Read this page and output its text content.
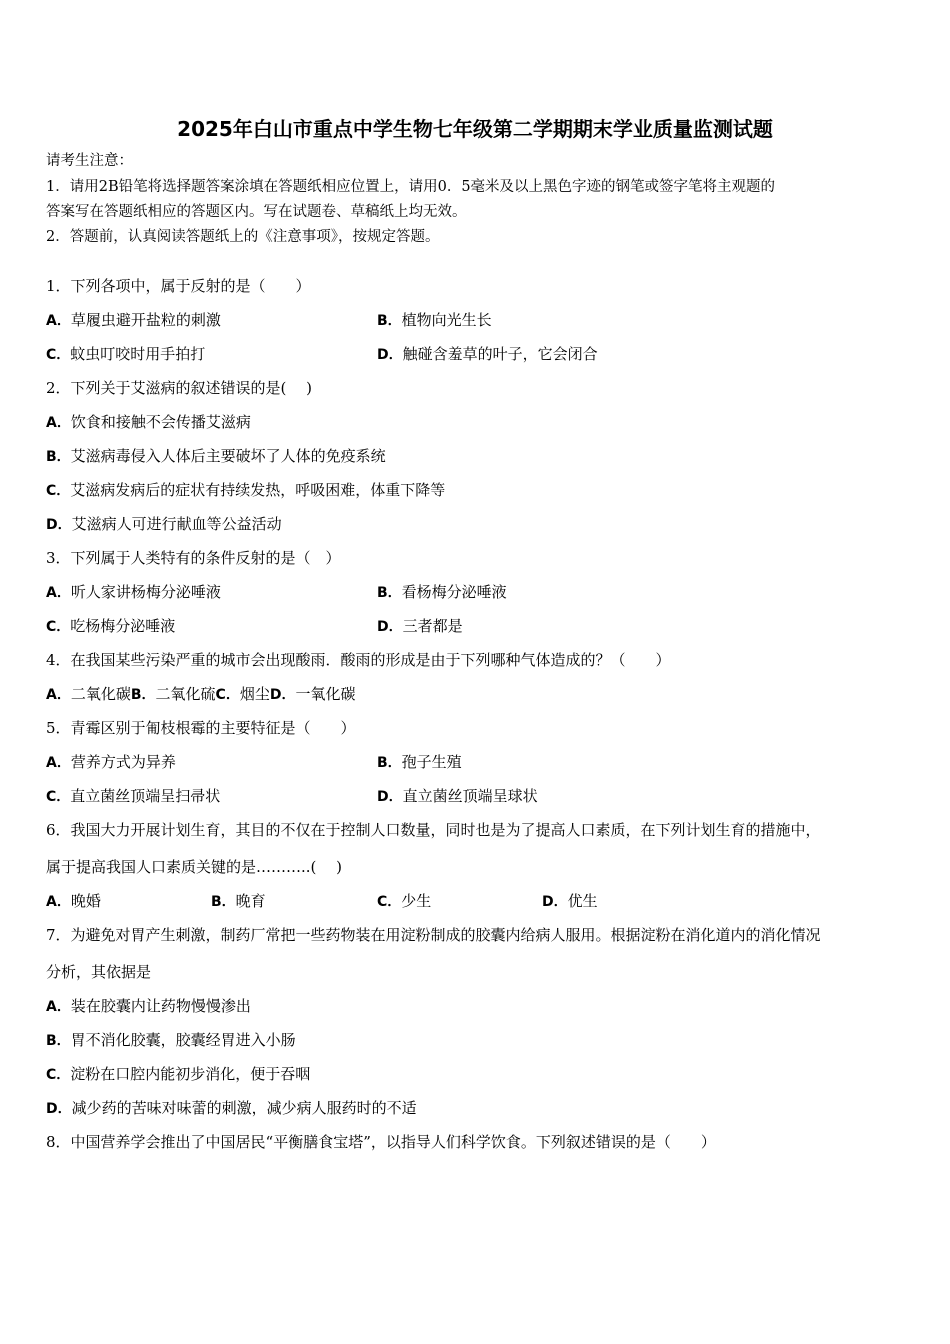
2025年白山市重点中学生物七年级第二学期期末学业质量监测试题
请考生注意：
1．请用2B铅笔将选择题答案涂填在答题纸相应位置上，请用0．5毫米及以上黑色字迹的钢笔或签字笔将主观题的
答案写在答题纸相应的答题区内。写在试题卷、草稿纸上均无效。
2．答题前，认真阅读答题纸上的《注意事项》，按规定答题。
1．下列各项中，属于反射的是（　　）
A．草履虫避开盐粒的刺激	B．植物向光生长
C．蚊虫叮咬时用手拍打	D．触碰含羞草的叶子，它会闭合
2．下列关于艾滋病的叙述错误的是(　 )
A．饮食和接触不会传播艾滋病
B．艾滋病毒侵入人体后主要破坏了人体的免疫系统
C．艾滋病发病后的症状有持续发热，呼吸困难，体重下降等
D．艾滋病人可进行献血等公益活动
3．下列属于人类特有的条件反射的是（　）
A．听人家讲杨梅分泌唾液	B．看杨梅分泌唾液
C．吃杨梅分泌唾液	D．三者都是
4．在我国某些污染严重的城市会出现酸雨．酸雨的形成是由于下列哪种气体造成的？（　　）
A．二氧化碳B．二氧化硫C．烟尘D．一氧化碳
5．青霉区别于匍枝根霉的主要特征是（　　）
A．营养方式为异养	B．孢子生殖
C．直立菌丝顶端呈扫帚状	D．直立菌丝顶端呈球状
6．我国大力开展计划生育，其目的不仅在于控制人口数量，同时也是为了提高人口素质，在下列计划生育的措施中，
属于提高我国人口素质关键的是………..(　 )
A．晚婚	B．晚育	C．少生	D．优生
7．为避免对胃产生刺激，制药厂常把一些药物装在用淀粉制成的胶囊内给病人服用。根据淀粉在消化道内的消化情况
分析，其依据是
A．装在胶囊内让药物慢慢渗出
B．胃不消化胶囊，胶囊经胃进入小肠
C．淀粉在口腔内能初步消化，便于吞咽
D．减少药的苦味对味蕾的刺激，减少病人服药时的不适
8．中国营养学会推出了中国居民“平衡膳食宝塔”，以指导人们科学饮食。下列叙述错误的是（　　）
